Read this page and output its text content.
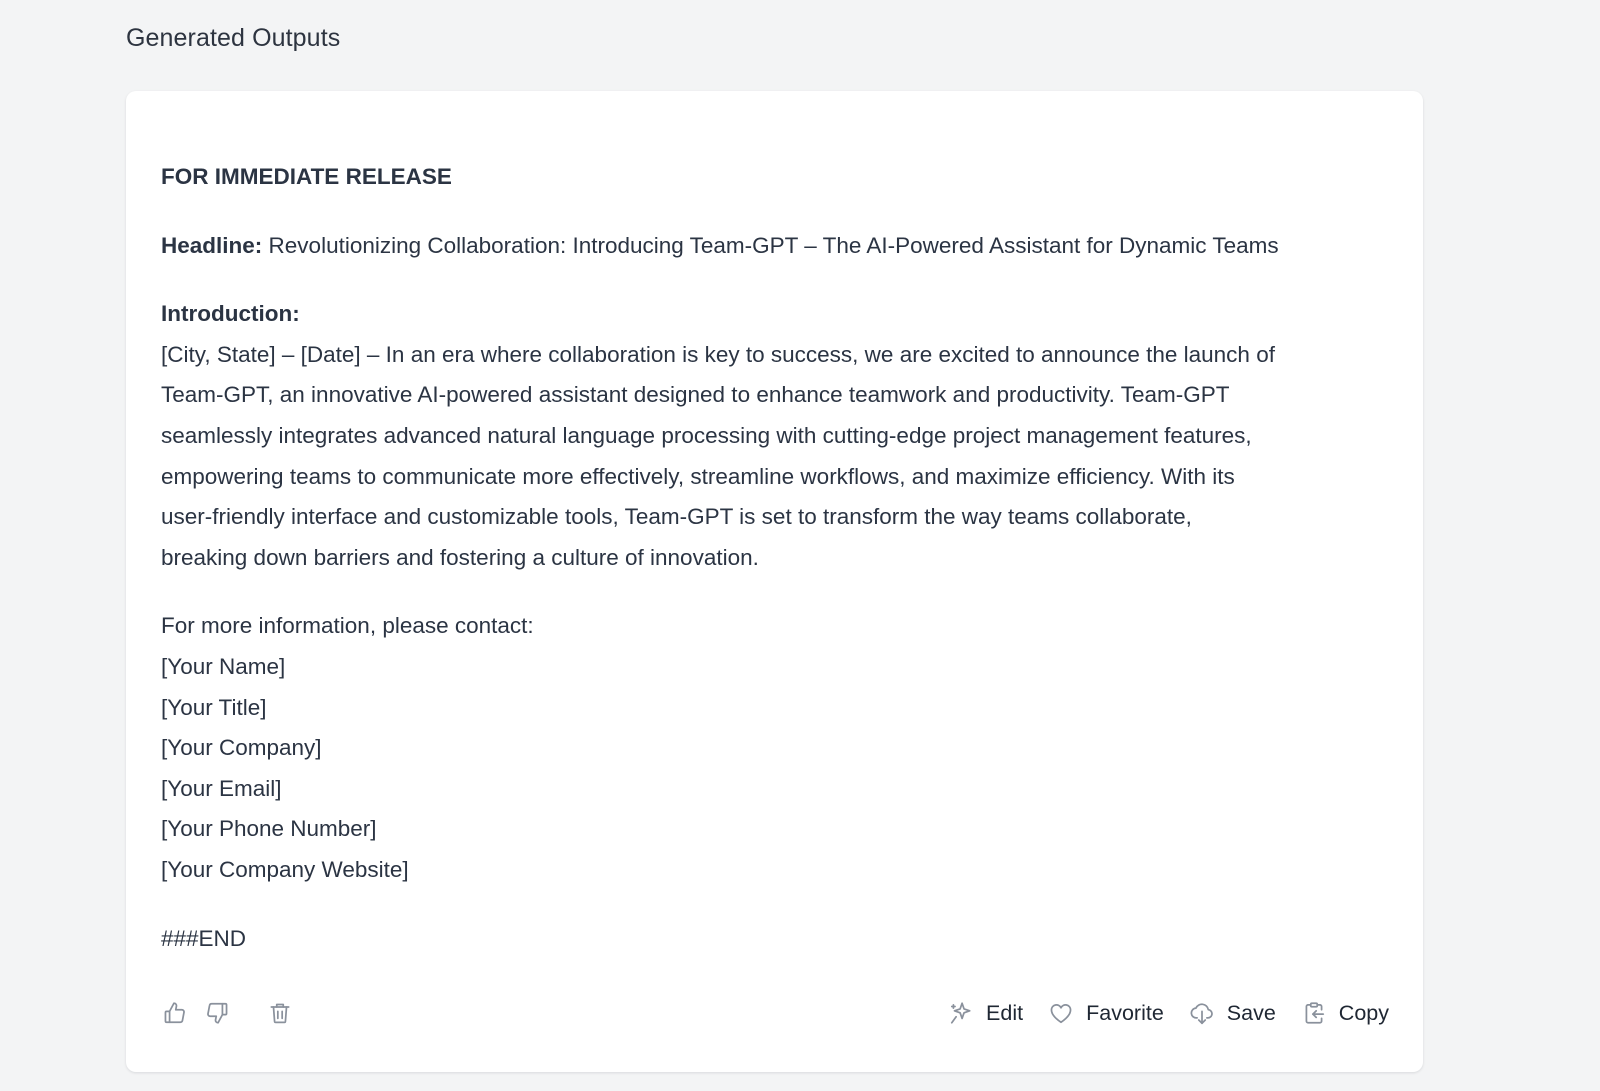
Generated Outputs

FOR IMMEDIATE RELEASE

Headline: Revolutionizing Collaboration: Introducing Team-GPT – The AI-Powered Assistant for Dynamic Teams

Introduction:
[City, State] – [Date] – In an era where collaboration is key to success, we are excited to announce the launch of
Team-GPT, an innovative AI-powered assistant designed to enhance teamwork and productivity. Team-GPT
seamlessly integrates advanced natural language processing with cutting-edge project management features,
empowering teams to communicate more effectively, streamline workflows, and maximize efficiency. With its
user-friendly interface and customizable tools, Team-GPT is set to transform the way teams collaborate,
breaking down barriers and fostering a culture of innovation.

For more information, please contact:
[Your Name]
[Your Title]
[Your Company]
[Your Email]
[Your Phone Number]
[Your Company Website]

###END

Edit	Favorite	Save	Copy
